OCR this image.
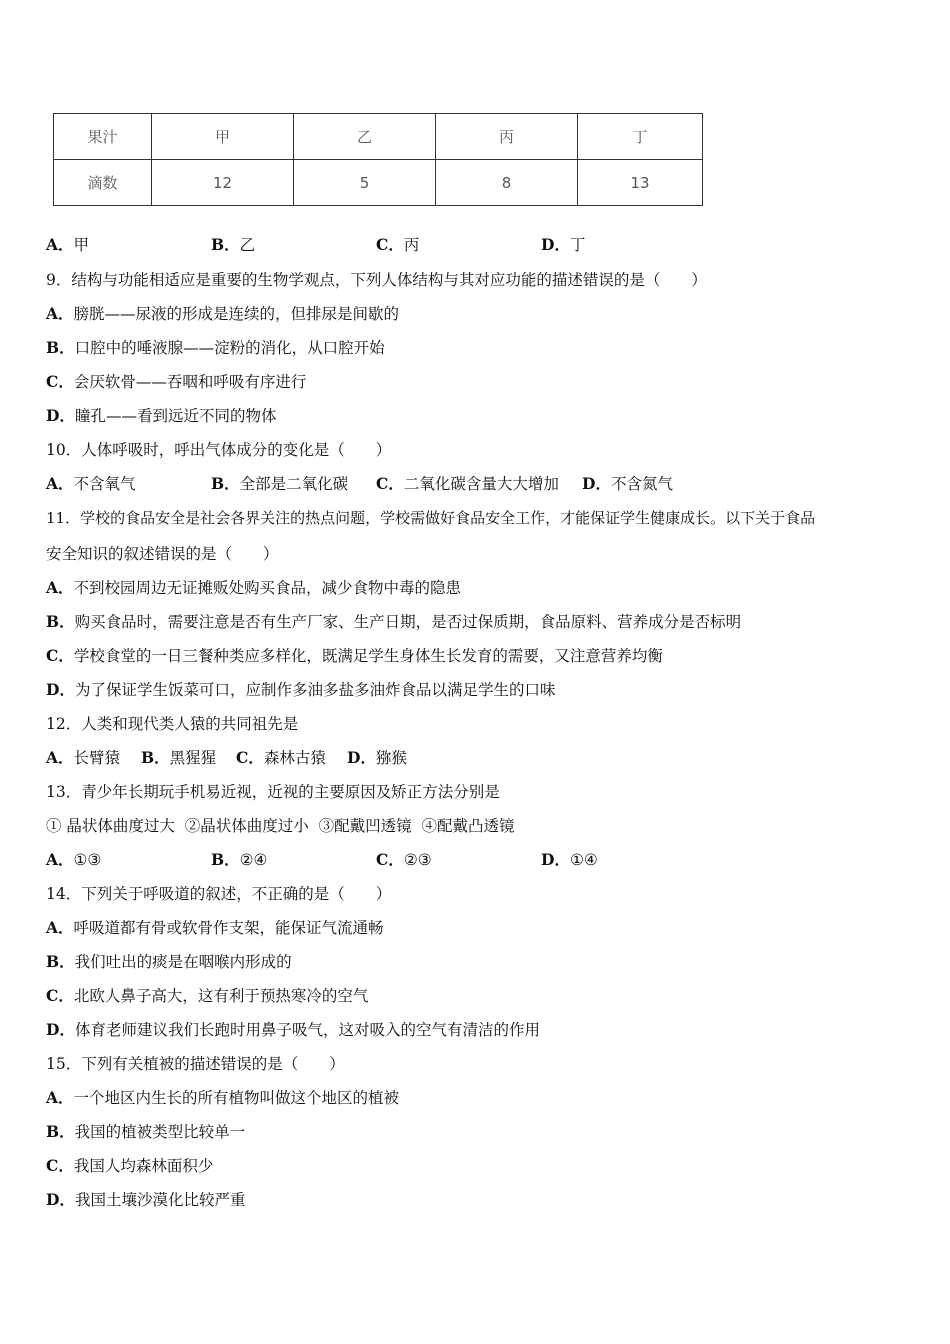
果汁	甲	乙	丙	丁
滴数	12	5	8	13
A．甲	B．乙	C．丙	D．丁
9．结构与功能相适应是重要的生物学观点，下列人体结构与其对应功能的描述错误的是（　　）
A．膀胱——尿液的形成是连续的，但排尿是间歇的
B．口腔中的唾液腺——淀粉的消化，从口腔开始
C．会厌软骨——吞咽和呼吸有序进行
D．瞳孔——看到远近不同的物体
10．人体呼吸时，呼出气体成分的变化是（　　）
A．不含氧气	B．全部是二氧化碳 C．二氧化碳含量大大增加 D．不含氮气
11．学校的食品安全是社会各界关注的热点问题，学校需做好食品安全工作，才能保证学生健康成长。以下关于食品
安全知识的叙述错误的是（　　）
A．不到校园周边无证摊贩处购买食品，减少食物中毒的隐患
B．购买食品时，需要注意是否有生产厂家、生产日期，是否过保质期，食品原料、营养成分是否标明
C．学校食堂的一日三餐种类应多样化，既满足学生身体生长发育的需要，又注意营养均衡
D．为了保证学生饭菜可口，应制作多油多盐多油炸食品以满足学生的口味
12．人类和现代类人猿的共同祖先是
A．长臂猿 B．黑猩猩 C．森林古猿 D．猕猴
13．青少年长期玩手机易近视，近视的主要原因及矫正方法分别是
① 晶状体曲度过大  ②晶状体曲度过小  ③配戴凹透镜  ④配戴凸透镜
A．①③	B．②④	C．②③	D．①④
14．下列关于呼吸道的叙述，不正确的是（　　）
A．呼吸道都有骨或软骨作支架，能保证气流通畅
B．我们吐出的痰是在咽喉内形成的
C．北欧人鼻子高大，这有利于预热寒冷的空气
D．体育老师建议我们长跑时用鼻子吸气，这对吸入的空气有清洁的作用
15．下列有关植被的描述错误的是（　　）
A．一个地区内生长的所有植物叫做这个地区的植被
B．我国的植被类型比较单一
C．我国人均森林面积少
D．我国土壤沙漠化比较严重
